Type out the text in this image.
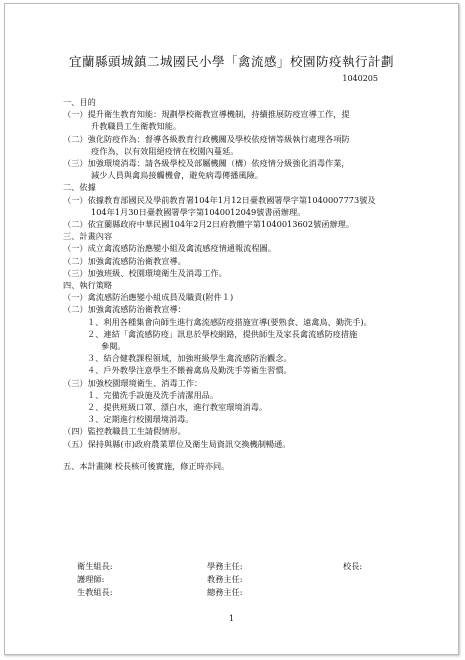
宜蘭縣頭城鎮二城國民小學「禽流感」校園防疫執行計劃
1040205
一、目的
（一）提升衛生教育知能：規劃學校衛教宣導機制，持續推展防疫宣導工作，提
升教職員工生衛教知能。
（二）強化防疫作為：督導各級教育行政機關及學校依疫情等級執行處理各項防
疫作為，以有效阻絕疫情在校園內蔓延。
（三）加強環境消毒：請各級學校及部屬機關（構）依疫情分級強化消毒作業，
減少人員與禽鳥接觸機會，避免病毒傳播風險。
二、依據
（一）依據教育部國民及學前教育署104年1月12日臺教國署學字第1040007773號及
104年1月30日臺教國署學字第1040012049號書函辦理。
（二）依宜蘭縣政府中華民國104年2月2日府教體字第1040013602號函辦理。
三、計畫內容
（一）成立禽流感防治應變小組及禽流感疫情通報流程圖。
（二）加強禽流感防治衛教宣導。
（三）加強班級、校園環境衛生及消毒工作。
四、執行策略
（一）禽流感防治應變小組成員及職責(附件１)
（二）加強禽流感防治衛教宣導：
１、利用各種集會向師生進行禽流感防疫措施宣導(要熟食、遠禽鳥、勤洗手)。
２、連結「禽流感防疫」訊息於學校網路，提供師生及家長禽流感防疫措施
參閱。
３、結合健教課程領域，加強班級學生禽流感防治觀念。
４、戶外教學注意學生不餵養禽鳥及勤洗手等衛生習慣。
（三）加強校園環境衛生、消毒工作：
１、完備洗手設施及洗手清潔用品。
２、提供班級口罩、漂白水，進行教室環境消毒。
３、定期進行校園環境消毒。
（四）監控教職員工生請假情形。
（五）保持與縣(市)政府農業單位及衛生局資訊交換機制暢通。
五、本計畫陳 校長核可後實施，修正時亦同。
衛生組長:	學務主任:	校長:
護理師:	教務主任:
生教組長:	總務主任:
1
